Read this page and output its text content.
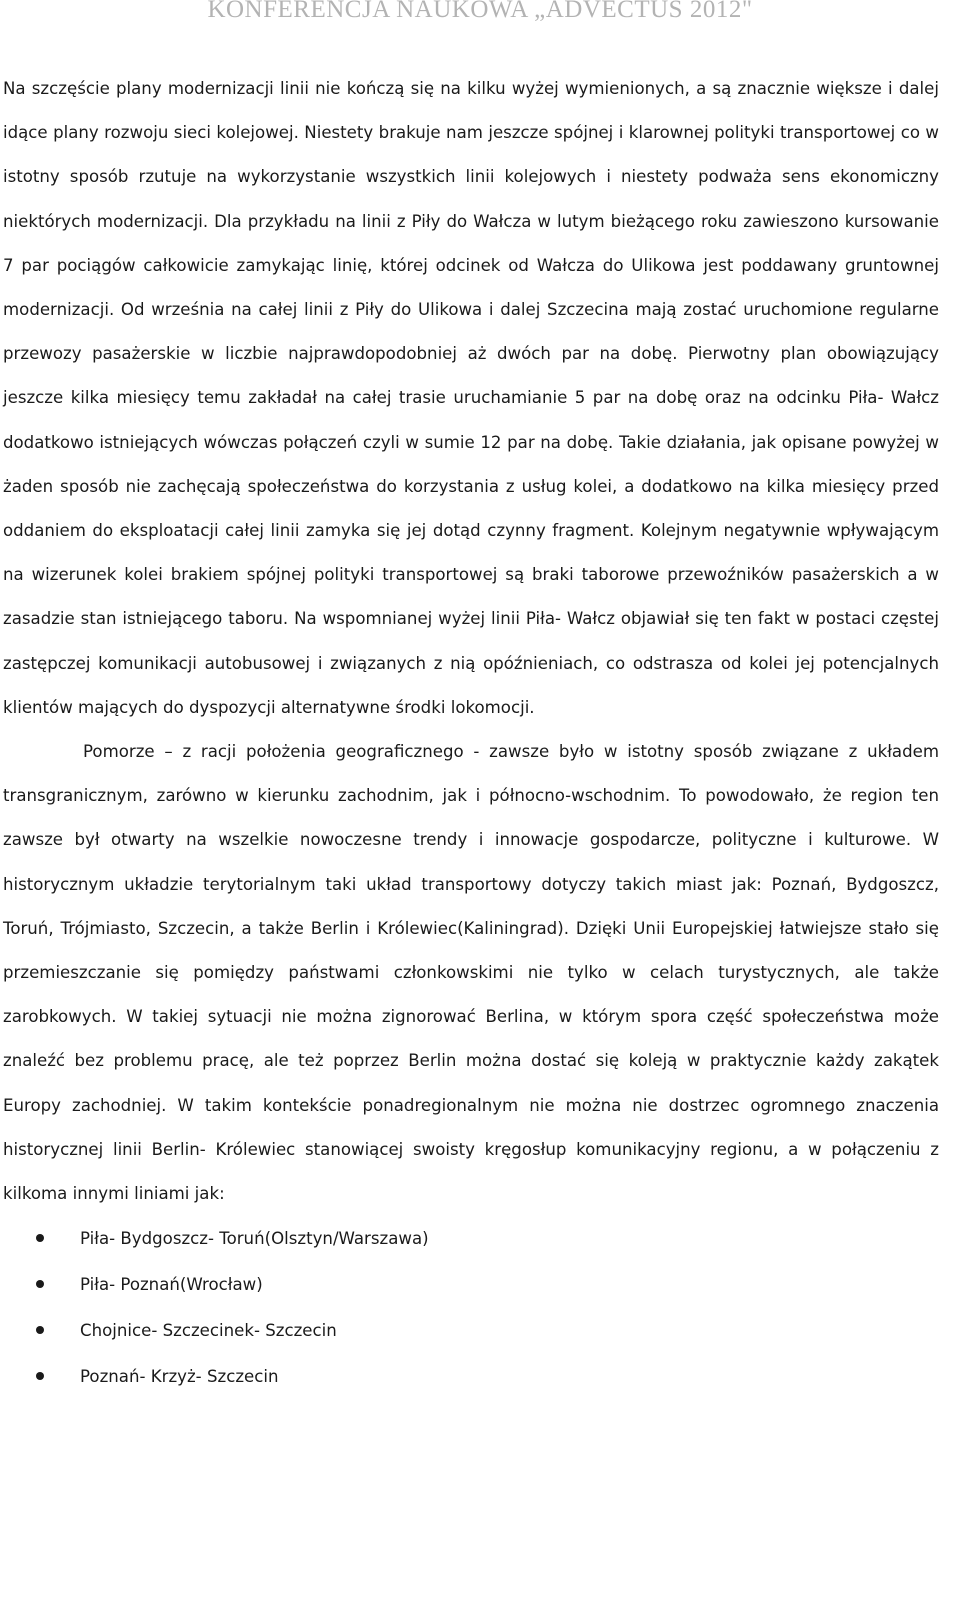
KONFERENCJA NAUKOWA „ADVECTUS 2012"

Na szczęście plany modernizacji linii nie kończą się na kilku wyżej wymienionych, a są znacznie większe i dalej idące plany rozwoju sieci kolejowej. Niestety brakuje nam jeszcze spójnej i klarownej polityki transportowej co w istotny sposób rzutuje na wykorzystanie wszystkich linii kolejowych i niestety podważa sens ekonomiczny niektórych modernizacji. Dla przykładu na linii z Piły do Wałcza w lutym bieżącego roku zawieszono kursowanie 7 par pociągów całkowicie zamykając linię, której odcinek od Wałcza do Ulikowa jest poddawany gruntownej modernizacji. Od września na całej linii z Piły do Ulikowa i dalej Szczecina mają zostać uruchomione regularne przewozy pasażerskie w liczbie najprawdopodobniej aż dwóch par na dobę. Pierwotny plan obowiązujący jeszcze kilka miesięcy temu zakładał na całej trasie uruchamianie 5 par na dobę oraz na odcinku Piła- Wałcz dodatkowo istniejących wówczas połączeń czyli w sumie 12 par na dobę. Takie działania, jak opisane powyżej w żaden sposób nie zachęcają społeczeństwa do korzystania z usług kolei, a dodatkowo na kilka miesięcy przed oddaniem do eksploatacji całej linii zamyka się jej dotąd czynny fragment. Kolejnym negatywnie wpływającym na wizerunek kolei brakiem spójnej polityki transportowej są braki taborowe przewoźników pasażerskich a w zasadzie stan istniejącego taboru. Na wspomnianej wyżej linii Piła- Wałcz objawiał się ten fakt w postaci częstej zastępczej komunikacji autobusowej i związanych z nią opóźnieniach, co odstrasza od kolei jej potencjalnych klientów mających do dyspozycji alternatywne środki lokomocji.

Pomorze – z racji położenia geograficznego - zawsze było w istotny sposób związane z układem transgranicznym, zarówno w kierunku zachodnim, jak i północno-wschodnim. To powodowało, że region ten zawsze był otwarty na wszelkie nowoczesne trendy i innowacje gospodarcze, polityczne i kulturowe. W historycznym układzie terytorialnym taki układ transportowy dotyczy takich miast jak: Poznań, Bydgoszcz, Toruń, Trójmiasto, Szczecin, a także Berlin i Królewiec(Kaliningrad). Dzięki Unii Europejskiej łatwiejsze stało się przemieszczanie się pomiędzy państwami członkowskimi nie tylko w celach turystycznych, ale także zarobkowych. W takiej sytuacji nie można zignorować Berlina, w którym spora część społeczeństwa może znaleźć bez problemu pracę, ale też poprzez Berlin można dostać się koleją w praktycznie każdy zakątek Europy zachodniej. W takim kontekście ponadregionalnym nie można nie dostrzec ogromnego znaczenia historycznej linii Berlin- Królewiec stanowiącej swoisty kręgosłup komunikacyjny regionu, a w połączeniu z kilkoma innymi liniami jak:

Piła- Bydgoszcz- Toruń(Olsztyn/Warszawa)
Piła- Poznań(Wrocław)
Chojnice- Szczecinek- Szczecin
Poznań- Krzyż- Szczecin
